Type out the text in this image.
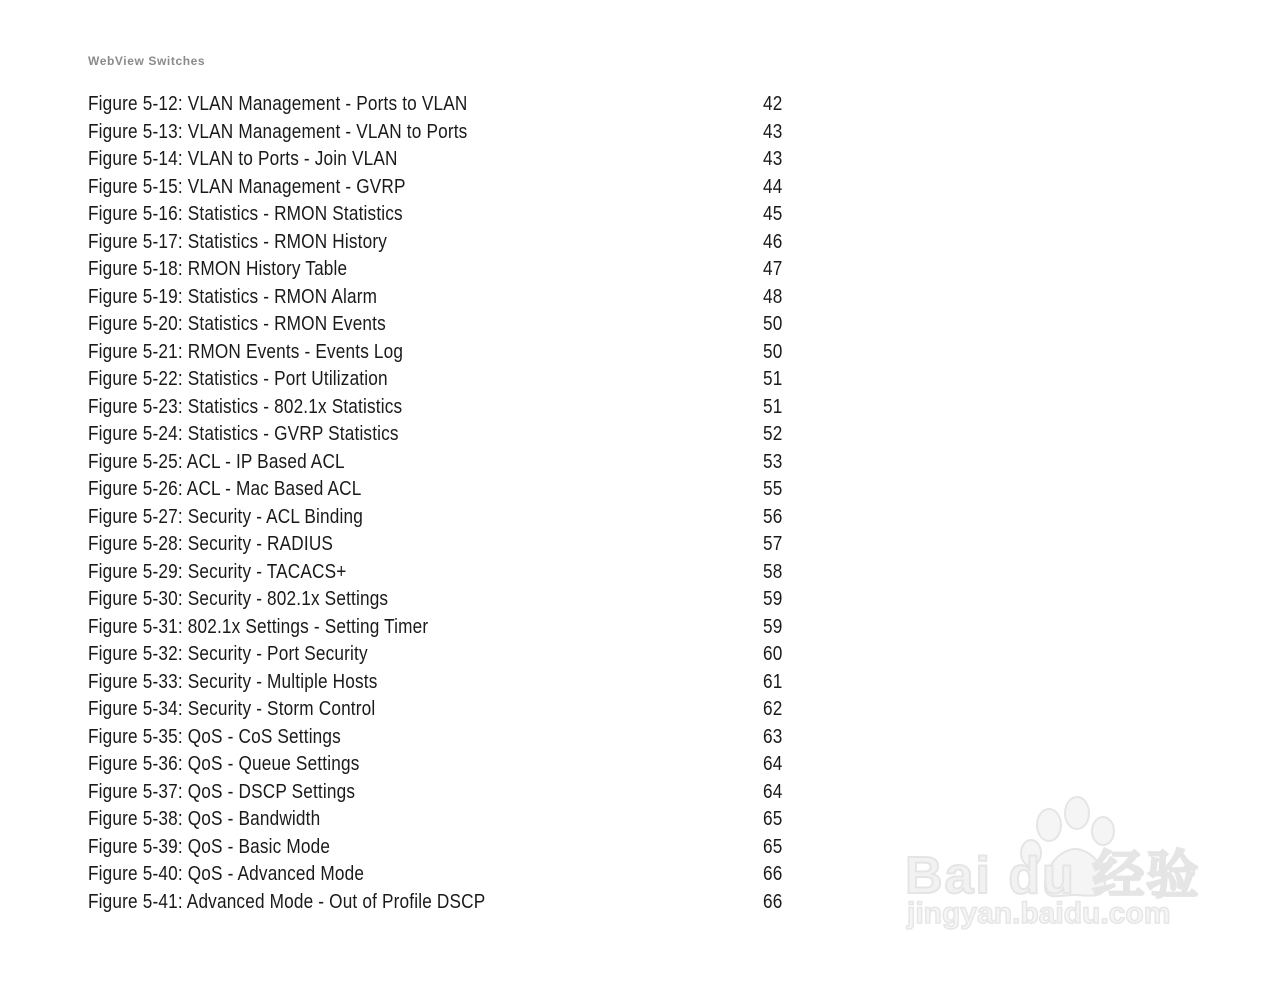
WebView Switches
Figure 5-12: VLAN Management - Ports to VLAN	42
Figure 5-13: VLAN Management - VLAN to Ports	43
Figure 5-14: VLAN to Ports - Join VLAN	43
Figure 5-15: VLAN Management - GVRP	44
Figure 5-16: Statistics - RMON Statistics	45
Figure 5-17: Statistics - RMON History	46
Figure 5-18: RMON History Table	47
Figure 5-19: Statistics - RMON Alarm	48
Figure 5-20: Statistics - RMON Events	50
Figure 5-21: RMON Events - Events Log	50
Figure 5-22: Statistics - Port Utilization	51
Figure 5-23: Statistics - 802.1x Statistics	51
Figure 5-24: Statistics - GVRP Statistics	52
Figure 5-25: ACL - IP Based ACL	53
Figure 5-26: ACL - Mac Based ACL	55
Figure 5-27: Security - ACL Binding	56
Figure 5-28: Security - RADIUS	57
Figure 5-29: Security - TACACS+	58
Figure 5-30: Security - 802.1x Settings	59
Figure 5-31: 802.1x Settings - Setting Timer	59
Figure 5-32: Security - Port Security	60
Figure 5-33: Security - Multiple Hosts	61
Figure 5-34: Security - Storm Control	62
Figure 5-35: QoS - CoS Settings	63
Figure 5-36: QoS - Queue Settings	64
Figure 5-37: QoS - DSCP Settings	64
Figure 5-38: QoS - Bandwidth	65
Figure 5-39: QoS - Basic Mode	65
Figure 5-40: QoS - Advanced Mode	66
Figure 5-41: Advanced Mode - Out of Profile DSCP	66 Bai du 经验
jingyan.baidu.com
